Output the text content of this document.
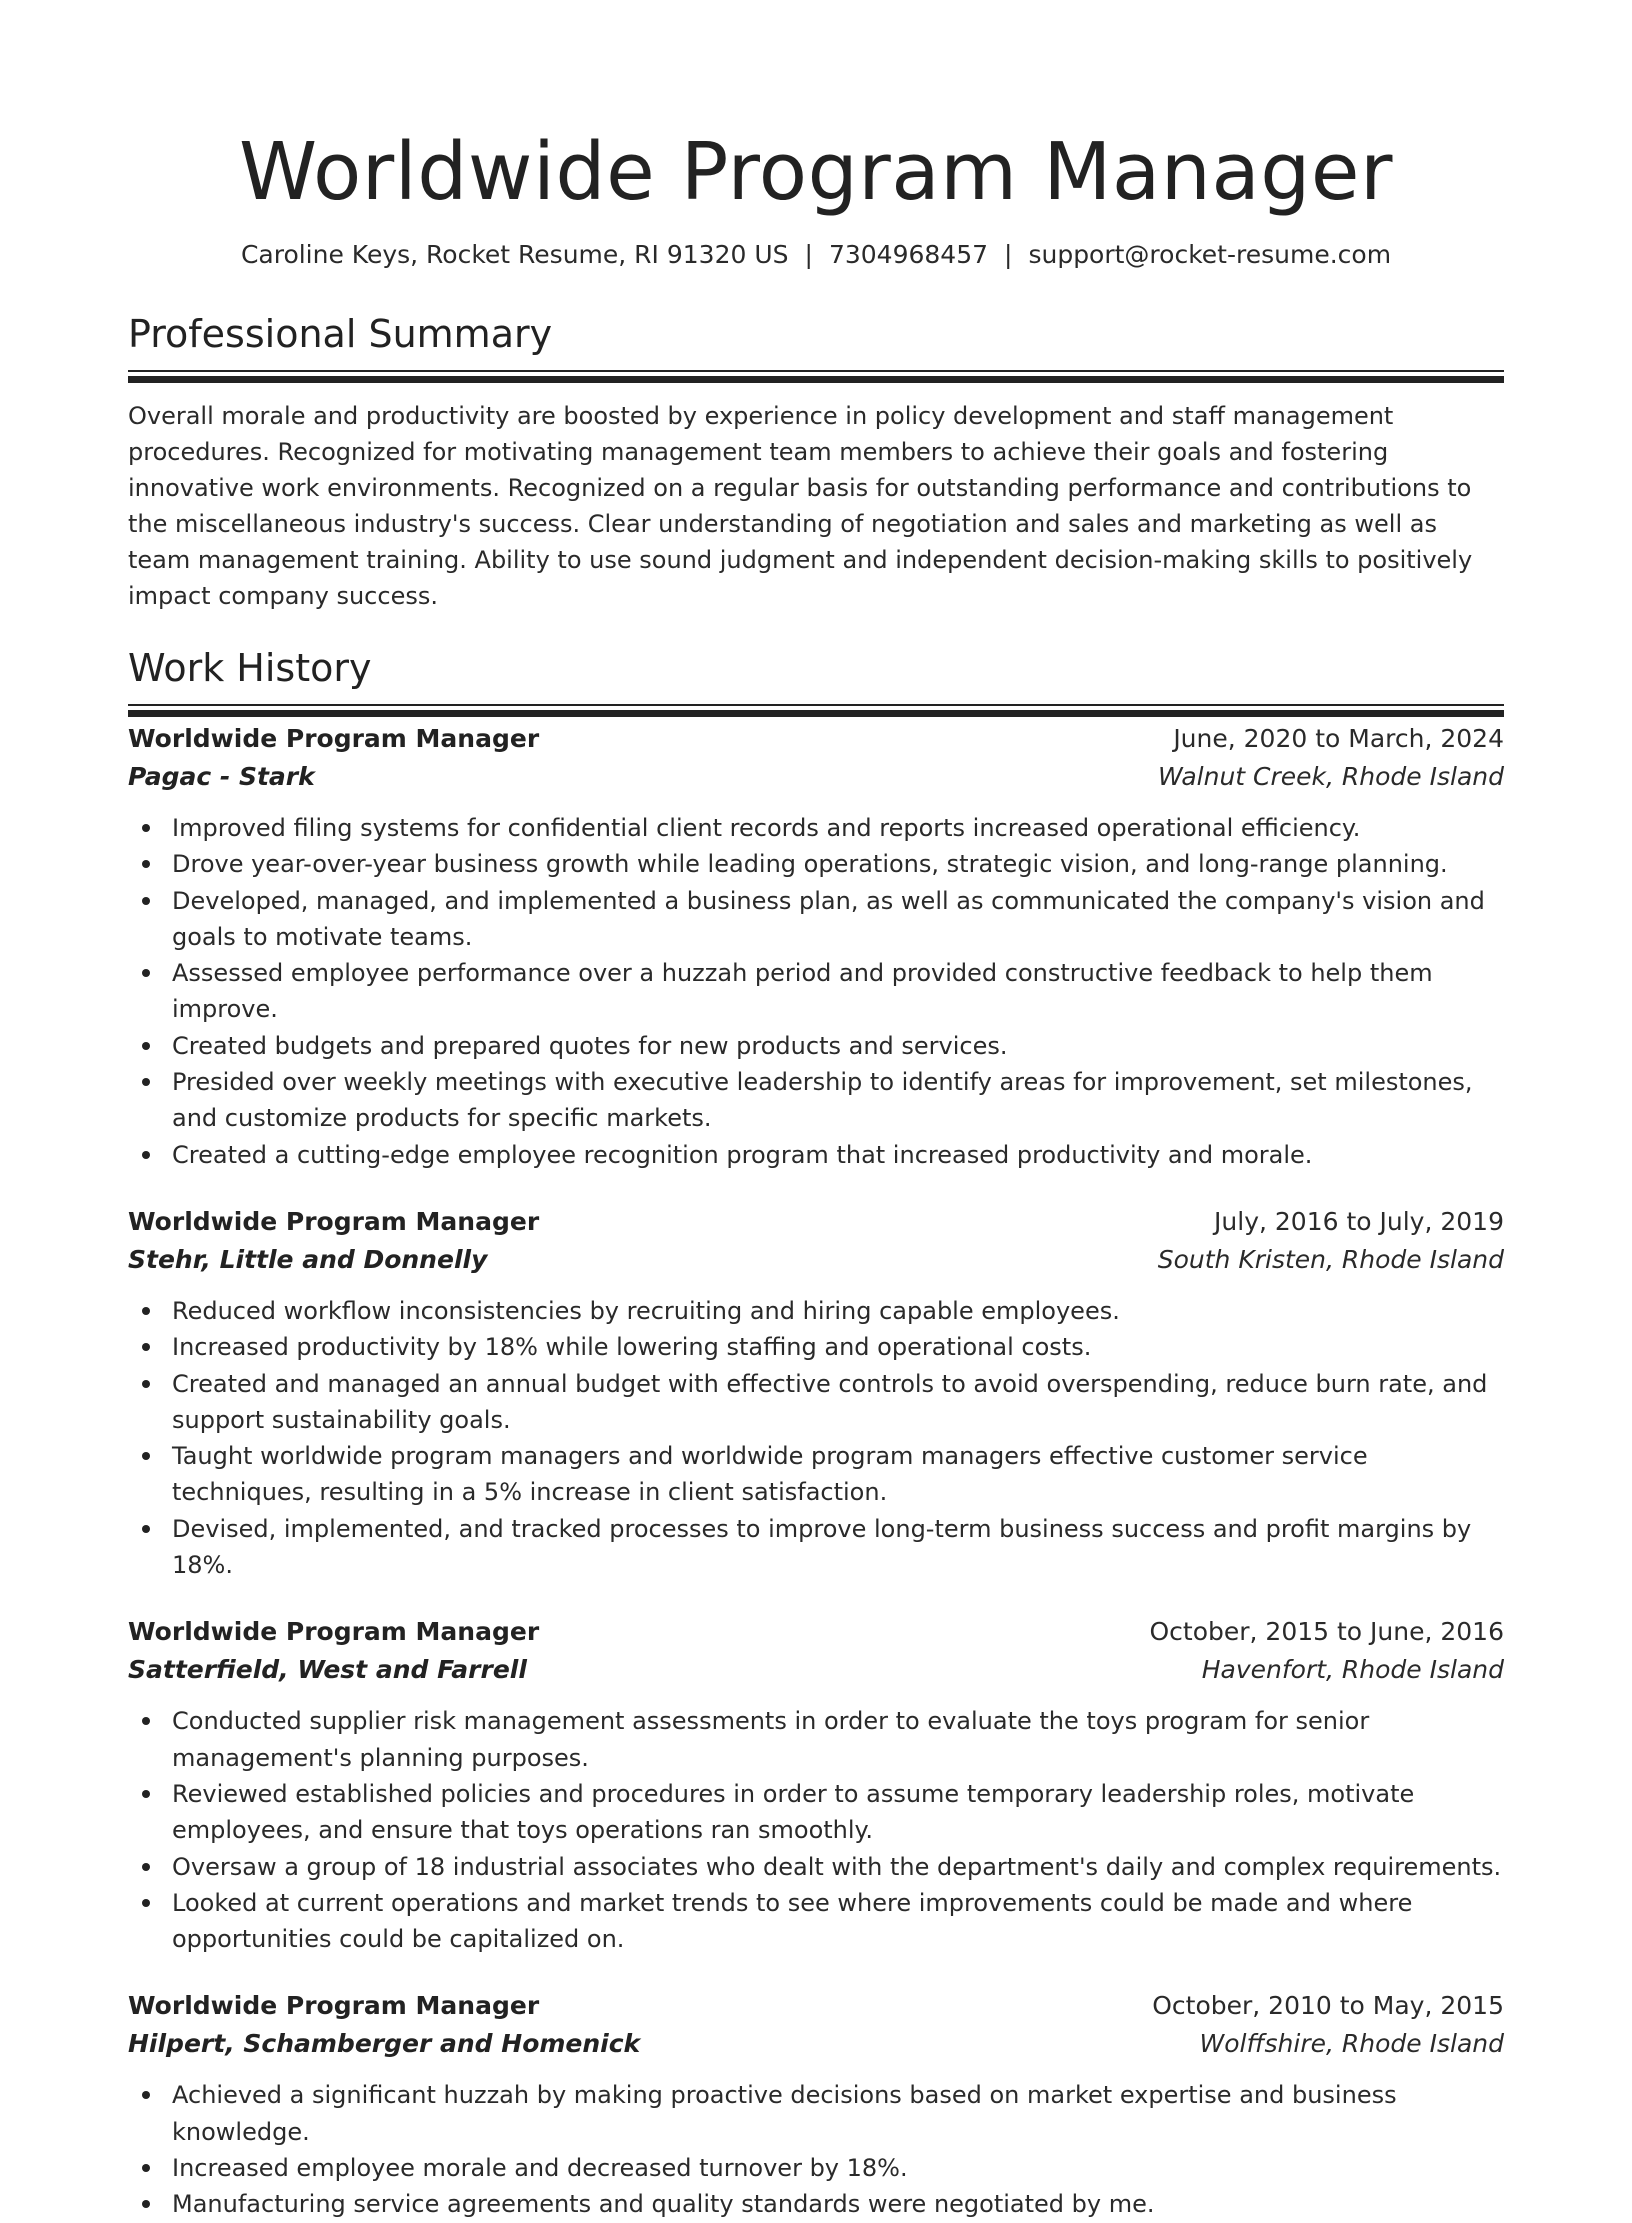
Worldwide Program Manager
Caroline Keys, Rocket Resume, RI 91320 US | 7304968457 | support@rocket-resume.com
Professional Summary

Overall morale and productivity are boosted by experience in policy development and staff management procedures. Recognized for motivating management team members to achieve their goals and fostering innovative work environments. Recognized on a regular basis for outstanding performance and contributions to the miscellaneous industry's success. Clear understanding of negotiation and sales and marketing as well as team management training. Ability to use sound judgment and independent decision-making skills to positively impact company success.

Work History
Worldwide Program Manager	June, 2020 to March, 2024
Pagac - Stark	Walnut Creek, Rhode Island
Improved filing systems for confidential client records and reports increased operational efficiency.
Drove year-over-year business growth while leading operations, strategic vision, and long-range planning.
Developed, managed, and implemented a business plan, as well as communicated the company's vision and goals to motivate teams.
Assessed employee performance over a huzzah period and provided constructive feedback to help them improve.
Created budgets and prepared quotes for new products and services.
Presided over weekly meetings with executive leadership to identify areas for improvement, set milestones, and customize products for specific markets.
Created a cutting-edge employee recognition program that increased productivity and morale.
Worldwide Program Manager	July, 2016 to July, 2019
Stehr, Little and Donnelly	South Kristen, Rhode Island
Reduced workflow inconsistencies by recruiting and hiring capable employees.
Increased productivity by 18% while lowering staffing and operational costs.
Created and managed an annual budget with effective controls to avoid overspending, reduce burn rate, and support sustainability goals.
Taught worldwide program managers and worldwide program managers effective customer service techniques, resulting in a 5% increase in client satisfaction.
Devised, implemented, and tracked processes to improve long-term business success and profit margins by 18%.
Worldwide Program Manager	October, 2015 to June, 2016
Satterfield, West and Farrell	Havenfort, Rhode Island
Conducted supplier risk management assessments in order to evaluate the toys program for senior management's planning purposes.
Reviewed established policies and procedures in order to assume temporary leadership roles, motivate employees, and ensure that toys operations ran smoothly.
Oversaw a group of 18 industrial associates who dealt with the department's daily and complex requirements.
Looked at current operations and market trends to see where improvements could be made and where opportunities could be capitalized on.
Worldwide Program Manager	October, 2010 to May, 2015
Hilpert, Schamberger and Homenick	Wolffshire, Rhode Island
Achieved a significant huzzah by making proactive decisions based on market expertise and business knowledge.
Increased employee morale and decreased turnover by 18%.
Manufacturing service agreements and quality standards were negotiated by me.
